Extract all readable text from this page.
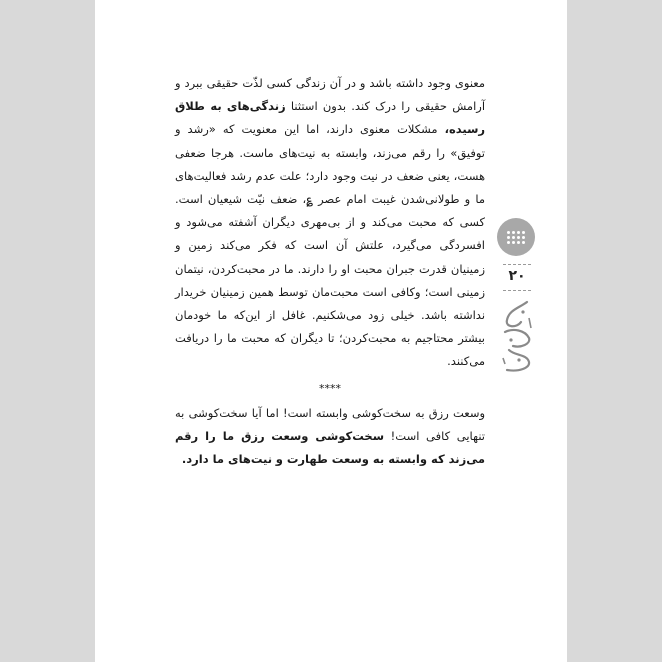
معنوی وجود داشته باشد و در آن زندگی کسی لذّت حقیقی ببرد و آرامش حقیقی را درک کند. بدون استثنا زندگی‌های به طلاق رسیده، مشکلات معنوی دارند، اما این معنویت که «رشد و توفیق» را رقم می‌زند، وابسته به نیت‌های ماست. هرجا ضعفی هست، یعنی ضعف در نیت وجود دارد؛ علت عدم رشد فعالیت‌های ما و طولانی‌شدن غیبت امام عصر ؏، ضعف نیّت شیعیان است. کسی که محبت می‌کند و از بی‌مهری دیگران آشفته می‌شود و افسردگی می‌گیرد، علتش آن است که فکر می‌کند زمین و زمینیان قدرت جبران محبت او را دارند. ما در محبت‌کردن، نیتمان زمینی است؛ وکافی است محبت‌مان توسط همین زمینیان خریدار نداشته باشد. خیلی زود می‌شکنیم. غافل از این‌که ما خودمان بیشتر محتاجیم به محبت‌کردن؛ تا دیگران که محبت ما را دریافت می‌کنند.

****

وسعت رزق به سخت‌کوشی وابسته است! اما آیا سخت‌کوشی به تنهایی کافی است! سخت‌کوشی وسعت رزق ما را رقم می‌زند که وابسته به وسعت طهارت و نیت‌های ما دارد.

۲۰
